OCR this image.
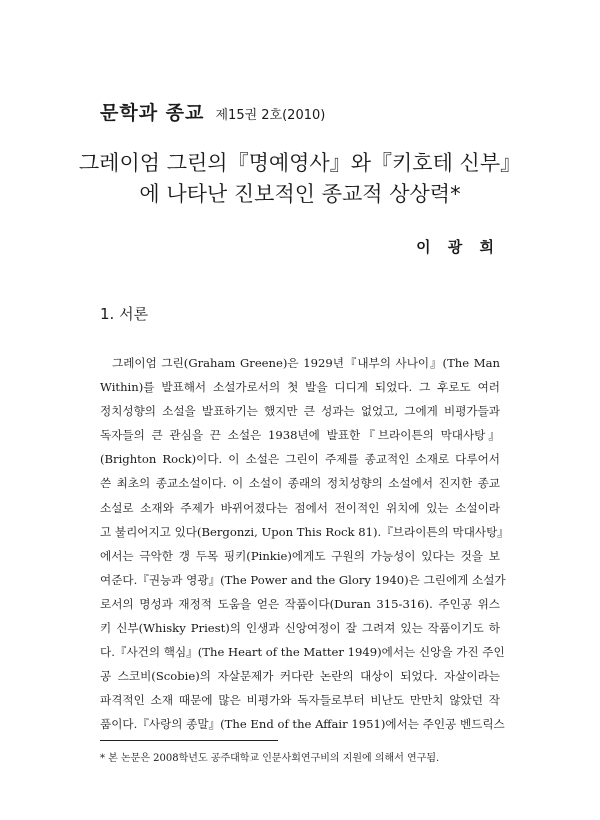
문학과 종교 제15권 2호(2010)
그레이엄 그린의『명예영사』와『키호테 신부』
에 나타난 진보적인 종교적 상상력*
이 광 희
1. 서론
그레이엄 그린(Graham Greene)은 1929년『내부의 사나이』(The Man
Within)를 발표해서 소설가로서의 첫 발을 디디게 되었다. 그 후로도 여러
정치성향의 소설을 발표하기는 했지만 큰 성과는 없었고, 그에게 비평가들과
독자들의 큰 관심을 끈 소설은 1938년에 발표한『브라이튼의 막대사탕』
(Brighton Rock)이다. 이 소설은 그린이 주제를 종교적인 소재로 다루어서
쓴 최초의 종교소설이다. 이 소설이 종래의 정치성향의 소설에서 진지한 종교
소설로 소재와 주제가 바뀌어졌다는 점에서 전이적인 위치에 있는 소설이라
고 불리어지고 있다(Bergonzi, Upon This Rock 81).『브라이튼의 막대사탕』
에서는 극악한 갱 두목 핑키(Pinkie)에게도 구원의 가능성이 있다는 것을 보
여준다.『권능과 영광』(The Power and the Glory 1940)은 그린에게 소설가
로서의 명성과 재정적 도움을 얻은 작품이다(Duran 315-316). 주인공 위스
키 신부(Whisky Priest)의 인생과 신앙여정이 잘 그려져 있는 작품이기도 하
다.『사건의 핵심』(The Heart of the Matter 1949)에서는 신앙을 가진 주인
공 스코비(Scobie)의 자살문제가 커다란 논란의 대상이 되었다. 자살이라는
파격적인 소재 때문에 많은 비평가와 독자들로부터 비난도 만만치 않았던 작
품이다.『사랑의 종말』(The End of the Affair 1951)에서는 주인공 벤드릭스
* 본 논문은 2008학년도 공주대학교 인문사회연구비의 지원에 의해서 연구됨.
